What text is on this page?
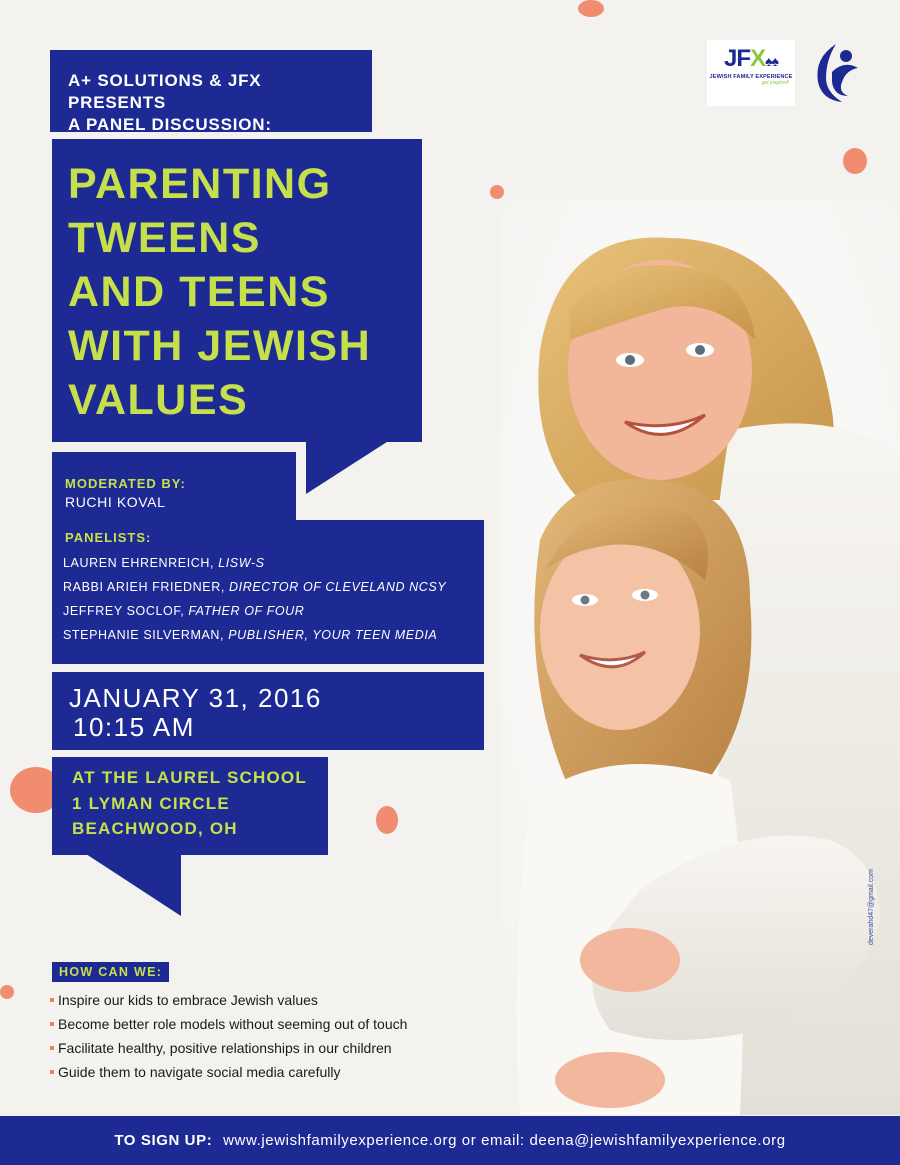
A+ SOLUTIONS & JFX PRESENTS
A PANEL DISCUSSION:
JFX♠♠
JEWISH FAMILY EXPERIENCE
get inspired!
PARENTING
TWEENS
AND TEENS
WITH JEWISH
VALUES
MODERATED BY:
RUCHI KOVAL
PANELISTS:
LAUREN EHRENREICH, LISW-S
RABBI ARIEH FRIEDNER, DIRECTOR OF CLEVELAND NCSY
JEFFREY SOCLOF, FATHER OF FOUR
STEPHANIE SILVERMAN, PUBLISHER, YOUR TEEN MEDIA
JANUARY 31, 2016
10:15 AM
AT THE LAUREL SCHOOL
1 LYMAN CIRCLE
BEACHWOOD, OH
HOW CAN WE:
Inspire our kids to embrace Jewish values
Become better role models without seeming out of touch
Facilitate healthy, positive relationships in our children
Guide them to navigate social media carefully
deverahd47@gmail.com
TO SIGN UP: www.jewishfamilyexperience.org or email: deena@jewishfamilyexperience.org
